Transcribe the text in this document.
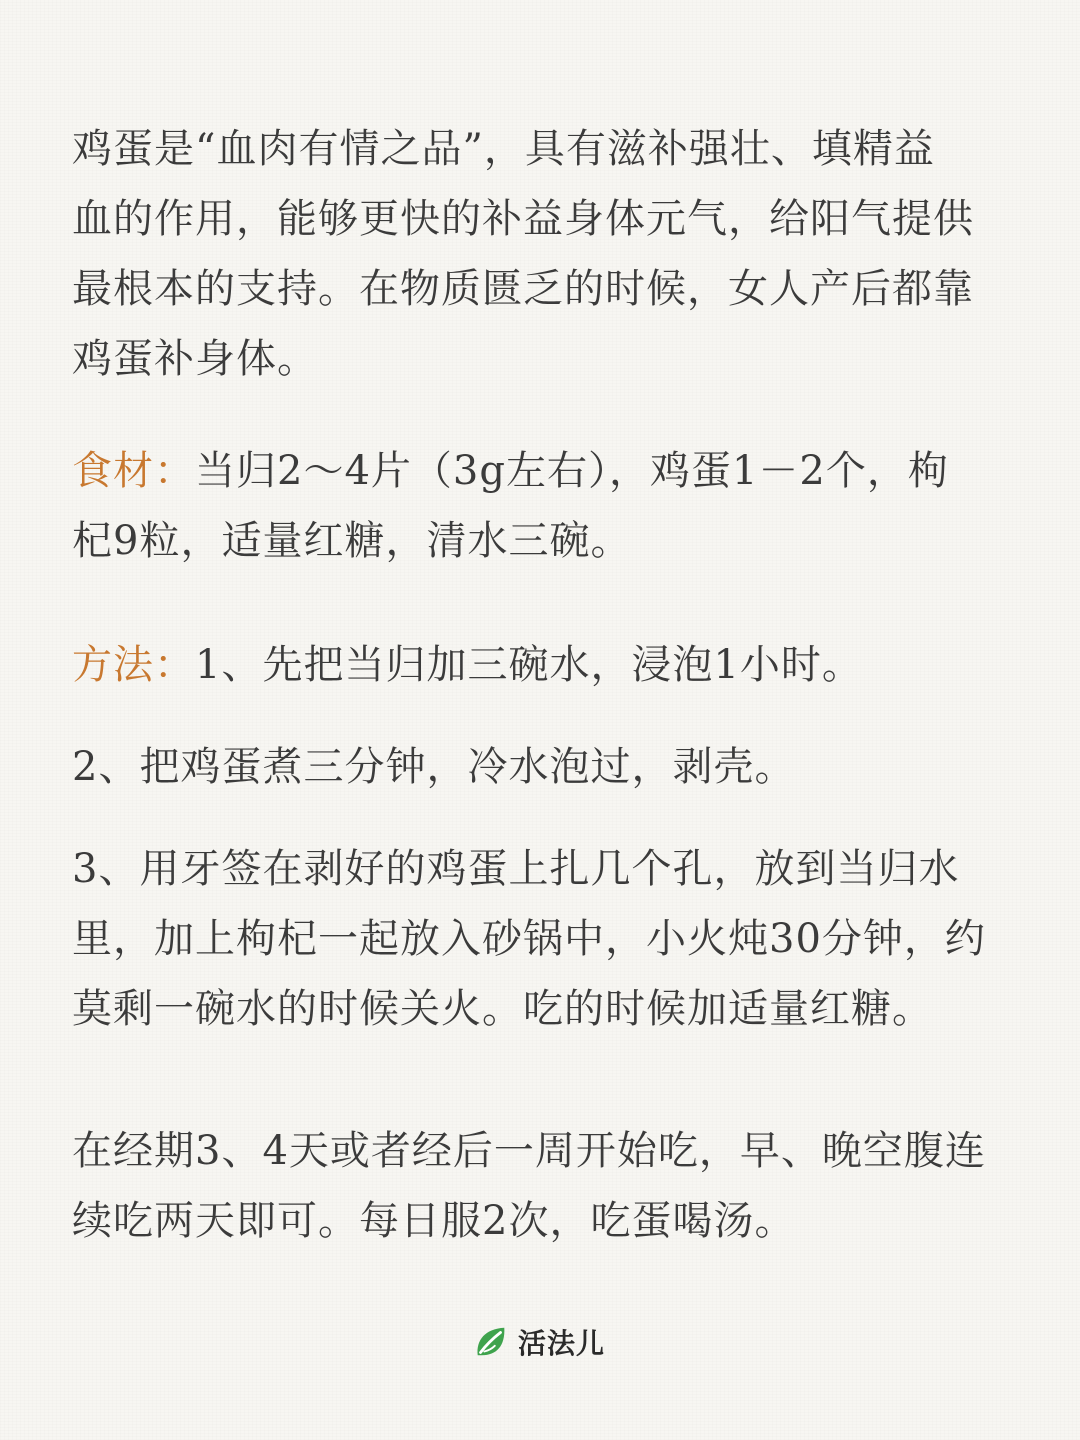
鸡蛋是“血肉有情之品”，具有滋补强壮、填精益
血的作用，能够更快的补益身体元气，给阳气提供
最根本的支持。在物质匮乏的时候，女人产后都靠
鸡蛋补身体。

食材：当归2～4片（3g左右），鸡蛋1－2个，枸
杞9粒，适量红糖，清水三碗。

方法：1、先把当归加三碗水，浸泡1小时。

2、把鸡蛋煮三分钟，冷水泡过，剥壳。

3、用牙签在剥好的鸡蛋上扎几个孔，放到当归水
里，加上枸杞一起放入砂锅中，小火炖30分钟，约
莫剩一碗水的时候关火。吃的时候加适量红糖。

在经期3、4天或者经后一周开始吃，早、晚空腹连
续吃两天即可。每日服2次，吃蛋喝汤。

活法儿
